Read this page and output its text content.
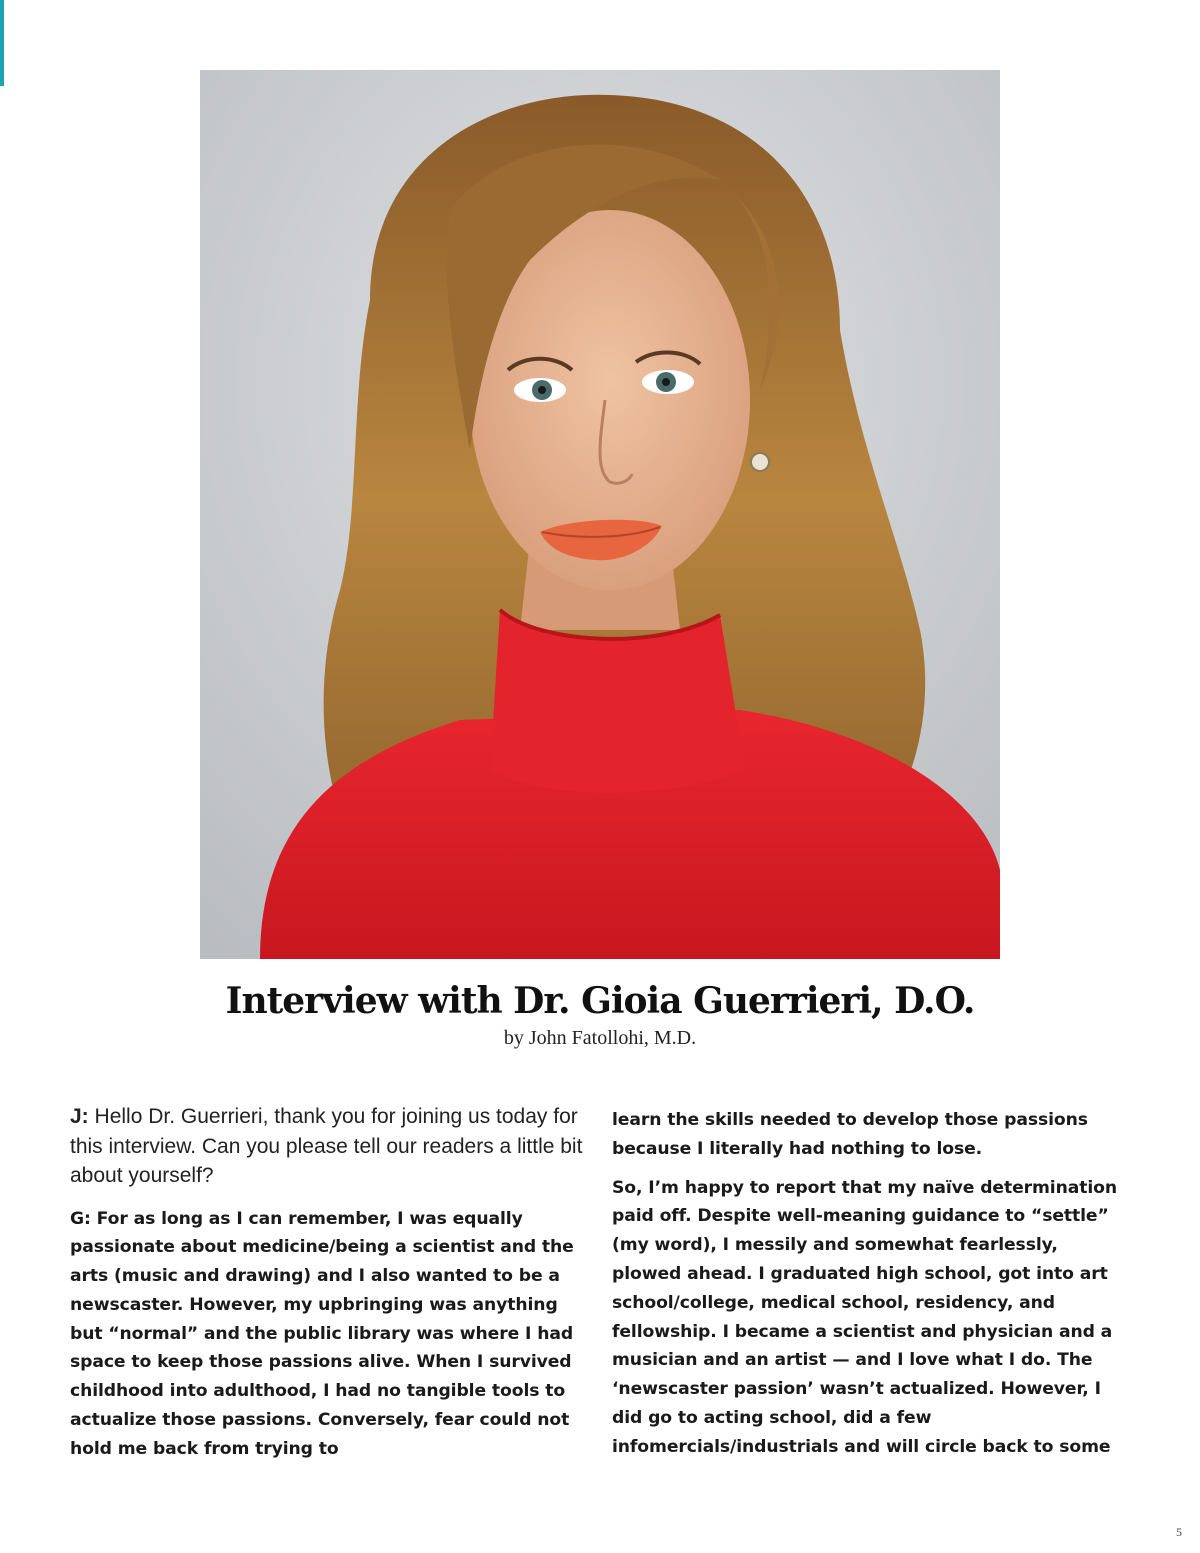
Interview with Dr. Gioia Guerrieri, D.O.
by John Fatollohi, M.D.

J: Hello Dr. Guerrieri, thank you for joining us today for this interview. Can you please tell our readers a little bit about yourself?

G: For as long as I can remember, I was equally passionate about medicine/being a scientist and the arts (music and drawing) and I also wanted to be a newscaster. However, my upbringing was anything but “normal” and the public library was where I had space to keep those passions alive. When I survived childhood into adulthood, I had no tangible tools to actualize those passions. Conversely, fear could not hold me back from trying to

learn the skills needed to develop those passions because I literally had nothing to lose.

So, I’m happy to report that my naïve determination paid off. Despite well-meaning guidance to “settle” (my word), I messily and somewhat fearlessly, plowed ahead. I graduated high school, got into art school/college, medical school, residency, and fellowship. I became a scientist and physician and a musician and an artist — and I love what I do. The ‘newscaster passion’ wasn’t actualized. However, I did go to acting school, did a few infomercials/industrials and will circle back to some

5
